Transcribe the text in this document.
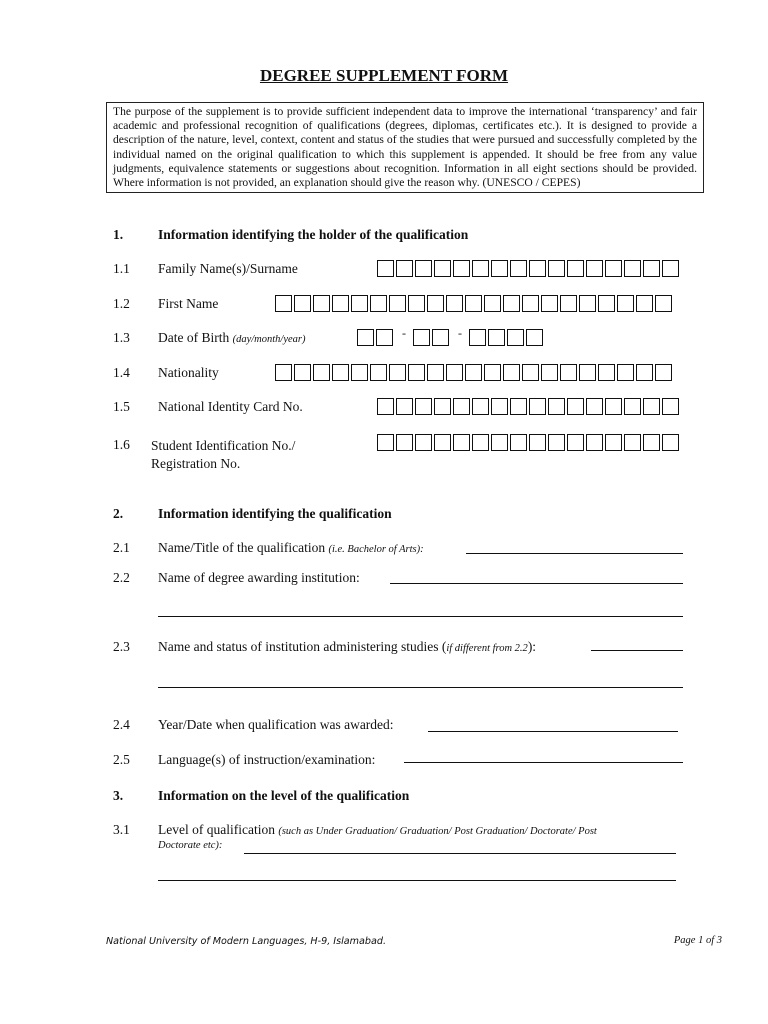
DEGREE SUPPLEMENT FORM
The purpose of the supplement is to provide sufficient independent data to improve the international ‘transparency’ and fair academic and professional recognition of qualifications (degrees, diplomas, certificates etc.). It is designed to provide a description of the nature, level, context, content and status of the studies that were pursued and successfully completed by the individual named on the original qualification to which this supplement is appended. It should be free from any value judgments, equivalence statements or suggestions about recognition. Information in all eight sections should be provided. Where information is not provided, an explanation should give the reason why. (UNESCO / CEPES)
1.	Information identifying the holder of the qualification
1.1 Family Name(s)/Surname
1.2 First Name
1.3 Date of Birth (day/month/year)	-	-
1.4 Nationality
1.5 National Identity Card No.
1.6 Student Identification No./
Registration No.
2.	Information identifying the qualification
2.1 Name/Title of the qualification (i.e. Bachelor of Arts):
2.2 Name of degree awarding institution:
2.3 Name and status of institution administering studies (if different from 2.2):
2.4 Year/Date when qualification was awarded:
2.5 Language(s) of instruction/examination:
3.	Information on the level of the qualification
3.1 Level of qualification (such as Under Graduation/ Graduation/ Post Graduation/ Doctorate/ Post
Doctorate etc):
National University of Modern Languages, H-9, Islamabad.	Page 1 of 3
